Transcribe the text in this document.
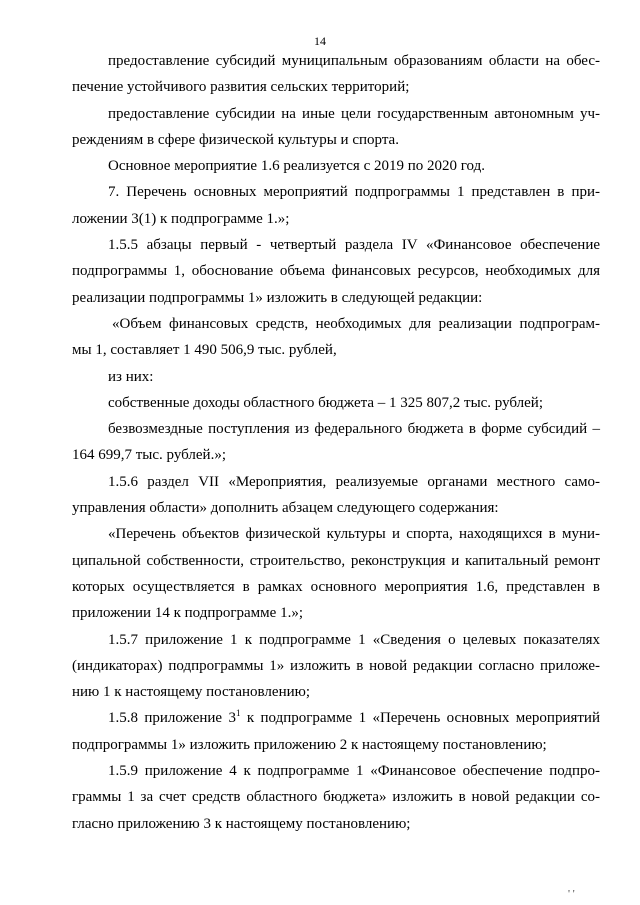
14
предоставление субсидий муниципальным образованиям области на обес-
печение устойчивого развития сельских территорий;
предоставление субсидии на иные цели государственным автономным уч-
реждениям в сфере физической культуры и спорта.
Основное мероприятие 1.6 реализуется с 2019 по 2020 год.
7. Перечень основных мероприятий подпрограммы 1 представлен в при-
ложении 3(1) к подпрограмме 1.»;
1.5.5 абзацы первый - четвертый раздела IV «Финансовое обеспечение
подпрограммы 1, обоснование объема финансовых ресурсов, необходимых для
реализации подпрограммы 1» изложить в следующей редакции:
«Объем финансовых средств, необходимых для реализации подпрограм-
мы 1, составляет 1 490 506,9 тыс. рублей,
из них:
собственные доходы областного бюджета – 1 325 807,2 тыс. рублей;
безвозмездные поступления из федерального бюджета в форме субсидий –
164 699,7 тыс. рублей.»;
1.5.6 раздел VII «Мероприятия, реализуемые органами местного само-
управления области» дополнить абзацем следующего содержания:
«Перечень объектов физической культуры и спорта, находящихся в муни-
ципальной собственности, строительство, реконструкция и капитальный ремонт
которых осуществляется в рамках основного мероприятия 1.6, представлен в
приложении 14 к подпрограмме 1.»;
1.5.7 приложение 1 к подпрограмме 1 «Сведения о целевых показателях
(индикаторах) подпрограммы 1» изложить в новой редакции согласно приложе-
нию 1 к настоящему постановлению;
1.5.8 приложение $3^1$ к подпрограмме 1 «Перечень основных мероприятий
подпрограммы 1» изложить приложению 2 к настоящему постановлению;
1.5.9 приложение 4 к подпрограмме 1 «Финансовое обеспечение подпро-
граммы 1 за счет средств областного бюджета» изложить в новой редакции со-
гласно приложению 3 к настоящему постановлению;
' '
